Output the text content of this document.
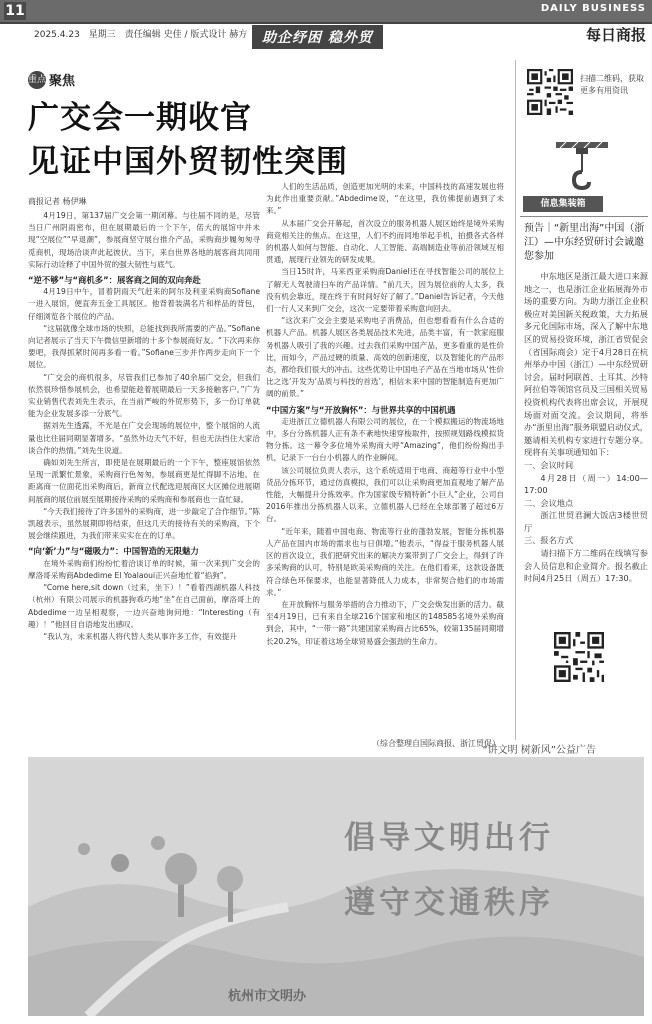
11	DAILY BUSINESS
2025.4.23　星期三　责任编辑 史佳 / 版式设计 赫方	助企纾困 稳外贸	每日商报
重点 聚焦
广交会一期收官
见证中国外贸韧性突围
扫描二维码，获取更多有用资讯
信息集装箱
预告｜“新里出海”中国（浙江）—中东经贸研讨会诚邀您参加

中东地区是浙江最大进口来源地之一，也是浙江企业拓展海外市场的重要方向。为助力浙江企业积极应对美国新关税政策，大力拓展多元化国际市场，深入了解中东地区的贸易投资环境，浙江省贸促会（省国际商会）定于4月28日在杭州举办中国（浙江）—中东经贸研讨会。届时阿联酋、土耳其、沙特阿拉伯等领馆官员及三国相关贸易投资机构代表将出席会议，开展现场面对面交流。会议期间，将举办“浙里出海”服务联盟启动仪式，邀请相关机构专家进行专题分享。现将有关事项通知如下：

一、会议时间

4月28日（周一）14:00—17:00

二、会议地点

浙江世贸君澜大饭店3楼世贸厅

三、报名方式

请扫描下方二维码在线填写参会人员信息和企业简介。报名截止时间4月25日（周五）17:30。

商报记者 杨伊琳

4月19日，第137届广交会第一期闭幕。与往届不同的是，尽管当日广州阴雨密布，但在展期最后的一个下午，偌大的展馆中并未现“空展位”“早退潮”，参展商坚守展台推介产品，采购商步履匆匆寻觅商机，现场洽谈声此起彼伏。当下，来自世界各地的展客商共同用实际行动诠释了中国外贸的强大韧性与底气。

“逆不够”与“商机多”：展客商之间的双向奔赴

4月19日中午，冒着阴雨天气赶来的阿尔及利亚采购商Sofiane一进入展馆，便直奔五金工具展区。他背着装满名片和样品的背包，仔细浏览各个展位的产品。

“这届就像全球市场的快照，总能找到我所需要的产品。”Sofiane向记者展示了当天下午微信里新增的十多个参展商好友。“下次再来你要吧，我得抓紧时间再多看一看。”Sofiane三步并作两步走向下一个展位。

“广交会的商机很多，尽管我们已参加了40余届广交会，但我们依然很珍惜参展机会，也希望能趁着展期最后一天多接触客户。”广为实业销售代表刘先生表示，在当前严峻的外贸形势下，多一份订单就能为企业发展多添一分底气。

据刘先生透露，不光是在广交会现场的展位中，整个展馆的人流量也比往届同期显著增多。“虽然外边天气不好，但也无法挡住大家洽谈合作的热情。”刘先生说道。

确如刘先生所言，即使是在展期最后的一个下午，整座展馆依然呈现一派繁忙景象，采购商行色匆匆，参展商更是忙得脚不沾地。在距离商一位面花出采购商后，新商立代配选迎展商区大区摊位进展期间展商的展位前展至展期接待采购的采购商和参展商也一直忙碌。

“今天我们接待了许多国外的采购商，进一步敲定了合作细节。”陈凯越表示，虽然展期即将结束，但这几天的接待有关的采购商，下个展会继续跟进，为我们带来实实在在的订单。

“向‘新’力”与“磁吸力”：中国智造的无限魅力

在境外采购商们纷纷忙着洽谈订单的时候，第一次来到广交会的摩洛哥采购商Abdedime El Yoalaoui正兴奋地忙着“掐狗”。

“Come here,sit down（过来，坐下）！”看着西湖机器人科技（杭州）有限公司展示的机器狗乖巧地“坐”在自己面前，摩洛哥上的Abdedime一边呈相观察，一边兴奋地询问地：“Interesting（有趣）！”他回目自语地发出感叹。

“我认为，未来机器人将代替人类从事许多工作，有效提升

人们的生活品质，创造更加光明的未来，中国科技的高速发展也将为此作出重要贡献。”Abdedime说，“在这里，我仿佛提前遇到了未来。”

从本届广交会开幕起，首次设立的服务机器人展区始终是境外采购商竞相关注的焦点。在这里，人们不约而同地举起手机，拍摄各式各样的机器人如何与智能、自动化、人工智能、高端制造业等前沿领域互相贯通，展现行业领先的研发成果。

当日15时许，马来西亚采购商Daniel还在寻找智能公司的展位上了解无人驾驶清扫车的产品详情。“前几天，因为展位前的人太多，我没有机会靠近，现在终于有时间好好了解了。”Daniel告诉记者，今天他们一行人又来到广交会，这次一定要带着采购意向回去。

“这次来广交会主要是采购电子消费品，但也想看看有什么合适的机器人产品。机器人展区各类展品技术先进，品类丰富，有一款家庭服务机器人吸引了我的兴趣。过去我们采购中国产品，更多看重的是性价比，而如今，产品过硬的质量、高效的创新速度，以及智能化的产品形态，都给我们很大的冲击。这些优势让中国电子产品在当地市场从‘性价比之选’开发为‘品质与科技的首选’，相信未来中国的智能制造有更加广阔的前景。”

“中国方案”与“开放胸怀”：与世界共享的中国机遇

走进浙江立德机器人有限公司的展位，在一个模拟搬运的物流场地中，多台分拣机器人正有条不紊地快速穿梭取件，按照规划路线模拟货物分拣。这一幕令多位境外采购商大呼“Amazing”，他们纷纷掏出手机，记录下一台台小机器人的作业瞬间。

该公司展位负责人表示，这个系统适用于电商、商超等行业中小型货品分拣环节，通过仿真模拟，我们可以让采购商更加直观地了解产品性能，大幅提升分拣效率。作为国家级专精特新“小巨人”企业，公司自2016年推出分拣机器人以来，立德机器人已经在全球部署了超过6万台。

“近年来，随着中国电商、物流等行业的蓬勃发展，智能分拣机器人产品在国内市场的需求也与日俱增。”他表示，“得益于服务机器人展区的首次设立，我们把研究出来的解决方案带到了广交会上，得到了许多采购商的认可，特别是欧美采购商的关注。在他们看来，这款设备既符合绿色环保要求，也能显著降低人力成本，非常契合他们的市场需求。”

在开放胸怀与服务举措的合力推动下，广交会焕发出新的活力。截至4月19日，已有来自全球216个国家和地区的148585名境外采购商到会，其中，“一带一路”共建国家采购商占比65%，较第135届同期增长20.2%，印证着这场全球贸易盛会强劲的生命力。

（综合整理自国际商报、浙江贸促）
“讲文明 树新风”公益广告
倡导文明出行
遵守交通秩序
杭州市文明办
